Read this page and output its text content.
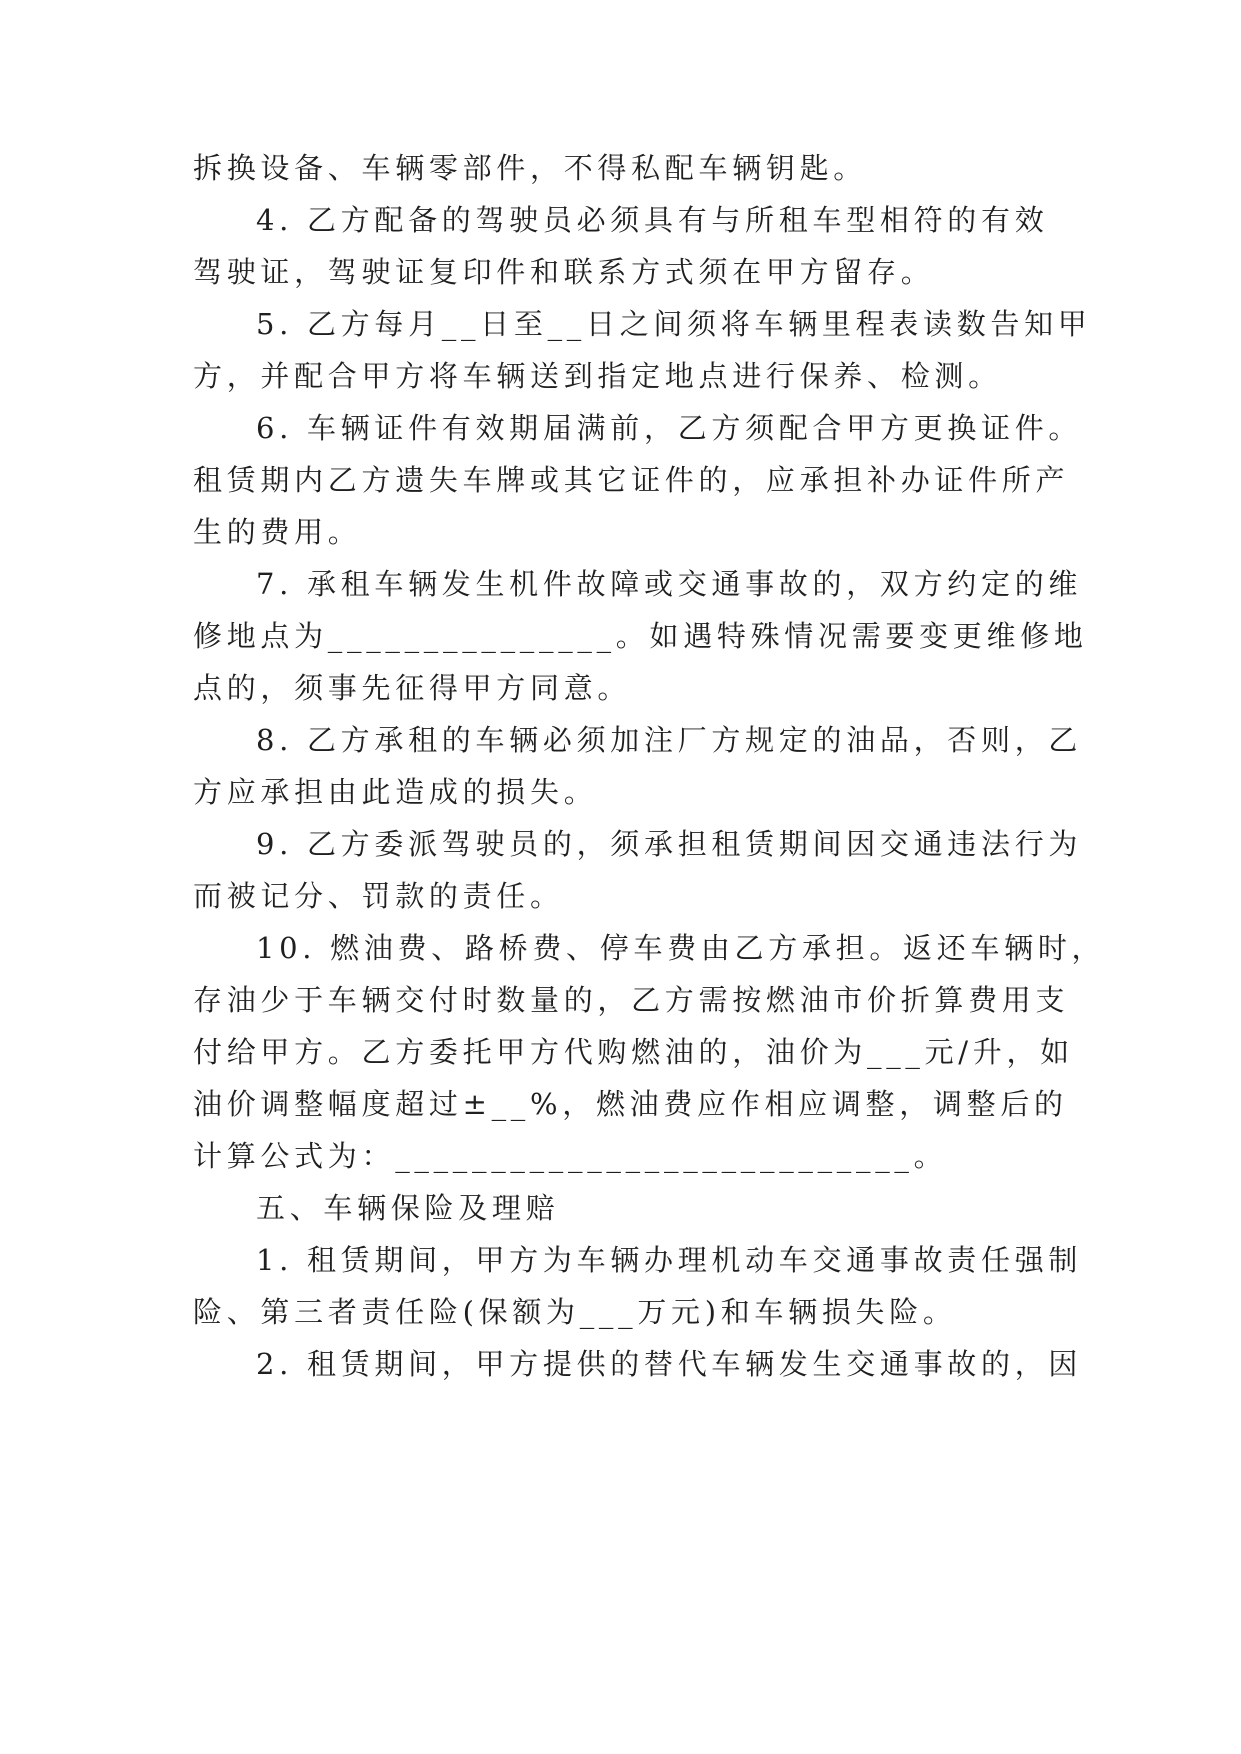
拆换设备、车辆零部件，不得私配车辆钥匙。
4. 乙方配备的驾驶员必须具有与所租车型相符的有效
驾驶证，驾驶证复印件和联系方式须在甲方留存。
5. 乙方每月__日至__日之间须将车辆里程表读数告知甲
方，并配合甲方将车辆送到指定地点进行保养、检测。
6. 车辆证件有效期届满前，乙方须配合甲方更换证件。
租赁期内乙方遗失车牌或其它证件的，应承担补办证件所产
生的费用。
7. 承租车辆发生机件故障或交通事故的，双方约定的维
修地点为_______________。如遇特殊情况需要变更维修地
点的，须事先征得甲方同意。
8. 乙方承租的车辆必须加注厂方规定的油品，否则，乙
方应承担由此造成的损失。
9. 乙方委派驾驶员的，须承担租赁期间因交通违法行为
而被记分、罚款的责任。
10. 燃油费、路桥费、停车费由乙方承担。返还车辆时，
存油少于车辆交付时数量的，乙方需按燃油市价折算费用支
付给甲方。乙方委托甲方代购燃油的，油价为___元/升，如
油价调整幅度超过±__%，燃油费应作相应调整，调整后的
计算公式为：___________________________。
五、车辆保险及理赔
1. 租赁期间，甲方为车辆办理机动车交通事故责任强制
险、第三者责任险(保额为___万元)和车辆损失险。
2. 租赁期间，甲方提供的替代车辆发生交通事故的，因
